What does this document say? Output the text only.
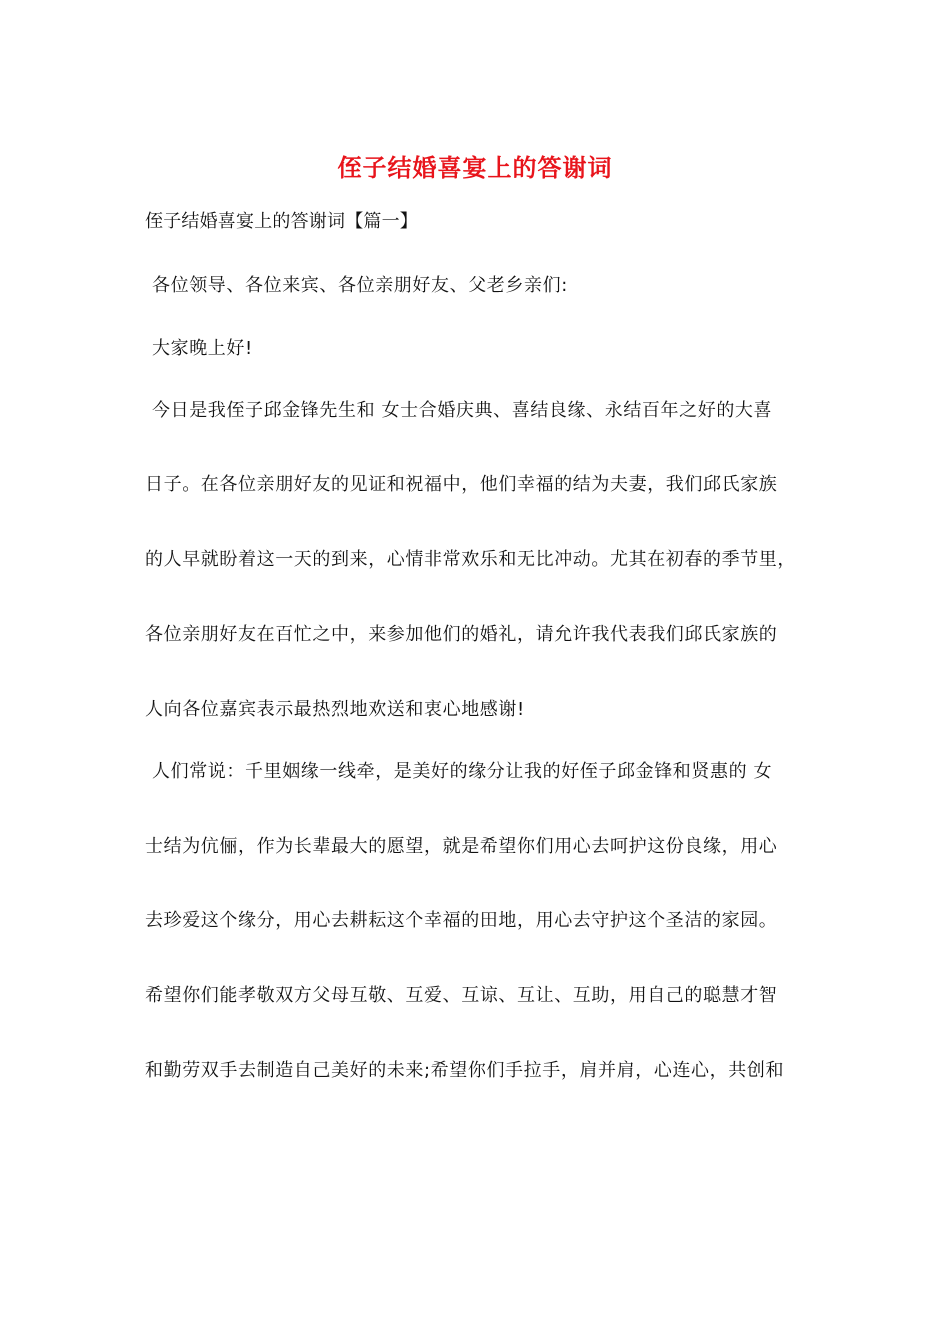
侄子结婚喜宴上的答谢词
侄子结婚喜宴上的答谢词【篇一】
各位领导、各位来宾、各位亲朋好友、父老乡亲们:
大家晚上好!
今日是我侄子邱金锋先生和 女士合婚庆典、喜结良缘、永结百年之好的大喜
日子。在各位亲朋好友的见证和祝福中，他们幸福的结为夫妻，我们邱氏家族
的人早就盼着这一天的到来，心情非常欢乐和无比冲动。尤其在初春的季节里，
各位亲朋好友在百忙之中，来参加他们的婚礼，请允许我代表我们邱氏家族的
人向各位嘉宾表示最热烈地欢送和衷心地感谢!
人们常说：千里姻缘一线牵，是美好的缘分让我的好侄子邱金锋和贤惠的 女
士结为伉俪，作为长辈最大的愿望，就是希望你们用心去呵护这份良缘，用心
去珍爱这个缘分，用心去耕耘这个幸福的田地，用心去守护这个圣洁的家园。
希望你们能孝敬双方父母互敬、互爱、互谅、互让、互助，用自己的聪慧才智
和勤劳双手去制造自己美好的未来;希望你们手拉手，肩并肩，心连心，共创和
